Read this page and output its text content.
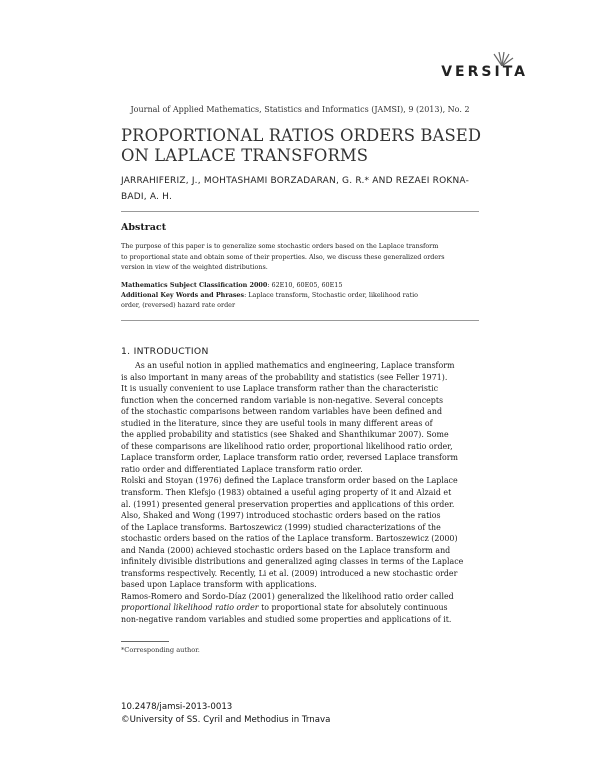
VERSITA
Journal of Applied Mathematics, Statistics and Informatics (JAMSI), 9 (2013), No. 2
PROPORTIONAL RATIOS ORDERS BASED
ON LAPLACE TRANSFORMS
JARRAHIFERIZ, J., MOHTASHAMI BORZADARAN, G. R.* AND REZAEI ROKNA-
BADI, A. H.
Abstract
The purpose of this paper is to generalize some stochastic orders based on the Laplace transform
to proportional state and obtain some of their properties. Also, we discuss these generalized orders
version in view of the weighted distributions.
Mathematics Subject Classification 2000: 62E10, 60E05, 60E15
Additional Key Words and Phrases: Laplace transform, Stochastic order, likelihood ratio
order, (reversed) hazard rate order
1. INTRODUCTION
As an useful notion in applied mathematics and engineering, Laplace transform
is also important in many areas of the probability and statistics (see Feller 1971).
It is usually convenient to use Laplace transform rather than the characteristic
function when the concerned random variable is non-negative. Several concepts
of the stochastic comparisons between random variables have been defined and
studied in the literature, since they are useful tools in many different areas of
the applied probability and statistics (see Shaked and Shanthikumar 2007). Some
of these comparisons are likelihood ratio order, proportional likelihood ratio order,
Laplace transform order, Laplace transform ratio order, reversed Laplace transform
ratio order and differentiated Laplace transform ratio order.
Rolski and Stoyan (1976) defined the Laplace transform order based on the Laplace
transform. Then Klefsjo (1983) obtained a useful aging property of it and Alzaid et
al. (1991) presented general preservation properties and applications of this order.
Also, Shaked and Wong (1997) introduced stochastic orders based on the ratios
of the Laplace transforms. Bartoszewicz (1999) studied characterizations of the
stochastic orders based on the ratios of the Laplace transform. Bartoszewicz (2000)
and Nanda (2000) achieved stochastic orders based on the Laplace transform and
infinitely divisible distributions and generalized aging classes in terms of the Laplace
transforms respectively. Recently, Li et al. (2009) introduced a new stochastic order
based upon Laplace transform with applications.
Ramos-Romero and Sordo-Díaz (2001) generalized the likelihood ratio order called
proportional likelihood ratio order to proportional state for absolutely continuous
non-negative random variables and studied some properties and applications of it.
*Corresponding author.
10.2478/jamsi-2013-0013
©University of SS. Cyril and Methodius in Trnava
